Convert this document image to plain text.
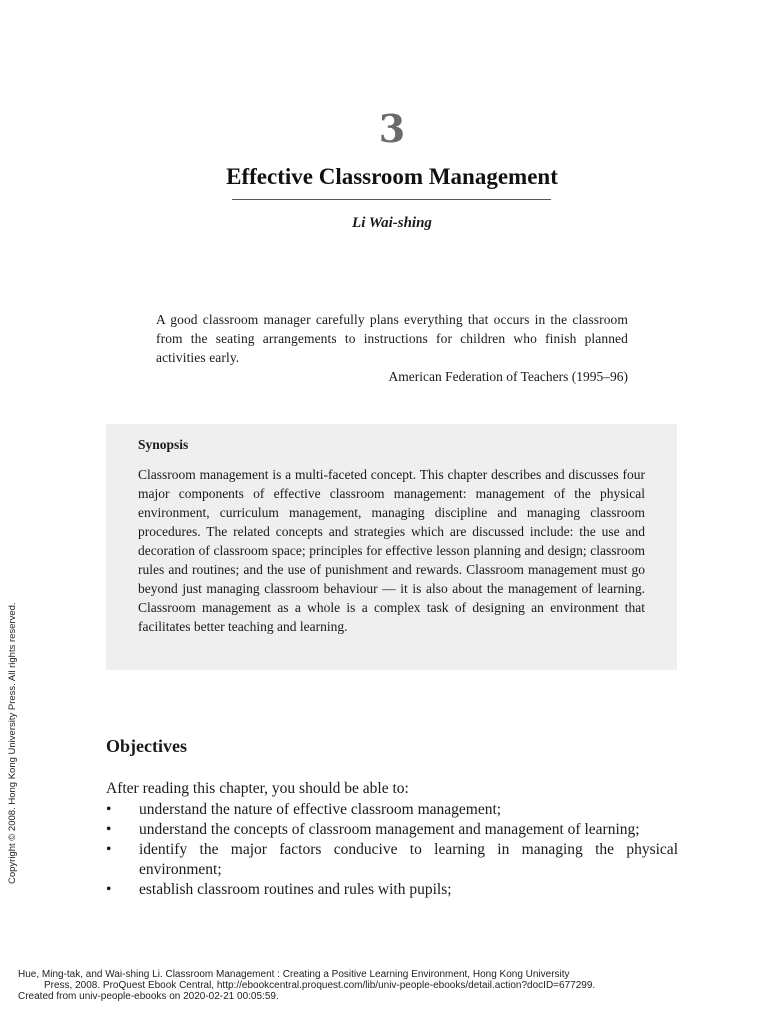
3
Effective Classroom Management
Li Wai-shing
A good classroom manager carefully plans everything that occurs in the classroom from the seating arrangements to instructions for children who finish planned activities early.
American Federation of Teachers (1995–96)
Synopsis
Classroom management is a multi-faceted concept. This chapter describes and discusses four major components of effective classroom management: management of the physical environment, curriculum management, managing discipline and managing classroom procedures. The related concepts and strategies which are discussed include: the use and decoration of classroom space; principles for effective lesson planning and design; classroom rules and routines; and the use of punishment and rewards. Classroom management must go beyond just managing classroom behaviour — it is also about the management of learning. Classroom management as a whole is a complex task of designing an environment that facilitates better teaching and learning.
Objectives
After reading this chapter, you should be able to:
• understand the nature of effective classroom management;
• understand the concepts of classroom management and management of learning;
• identify the major factors conducive to learning in managing the physical environment;
• establish classroom routines and rules with pupils;
Copyright © 2008. Hong Kong University Press. All rights reserved.
Hue, Ming-tak, and Wai-shing Li. Classroom Management : Creating a Positive Learning Environment, Hong Kong University
Press, 2008. ProQuest Ebook Central, http://ebookcentral.proquest.com/lib/univ-people-ebooks/detail.action?docID=677299.
Created from univ-people-ebooks on 2020-02-21 00:05:59.
